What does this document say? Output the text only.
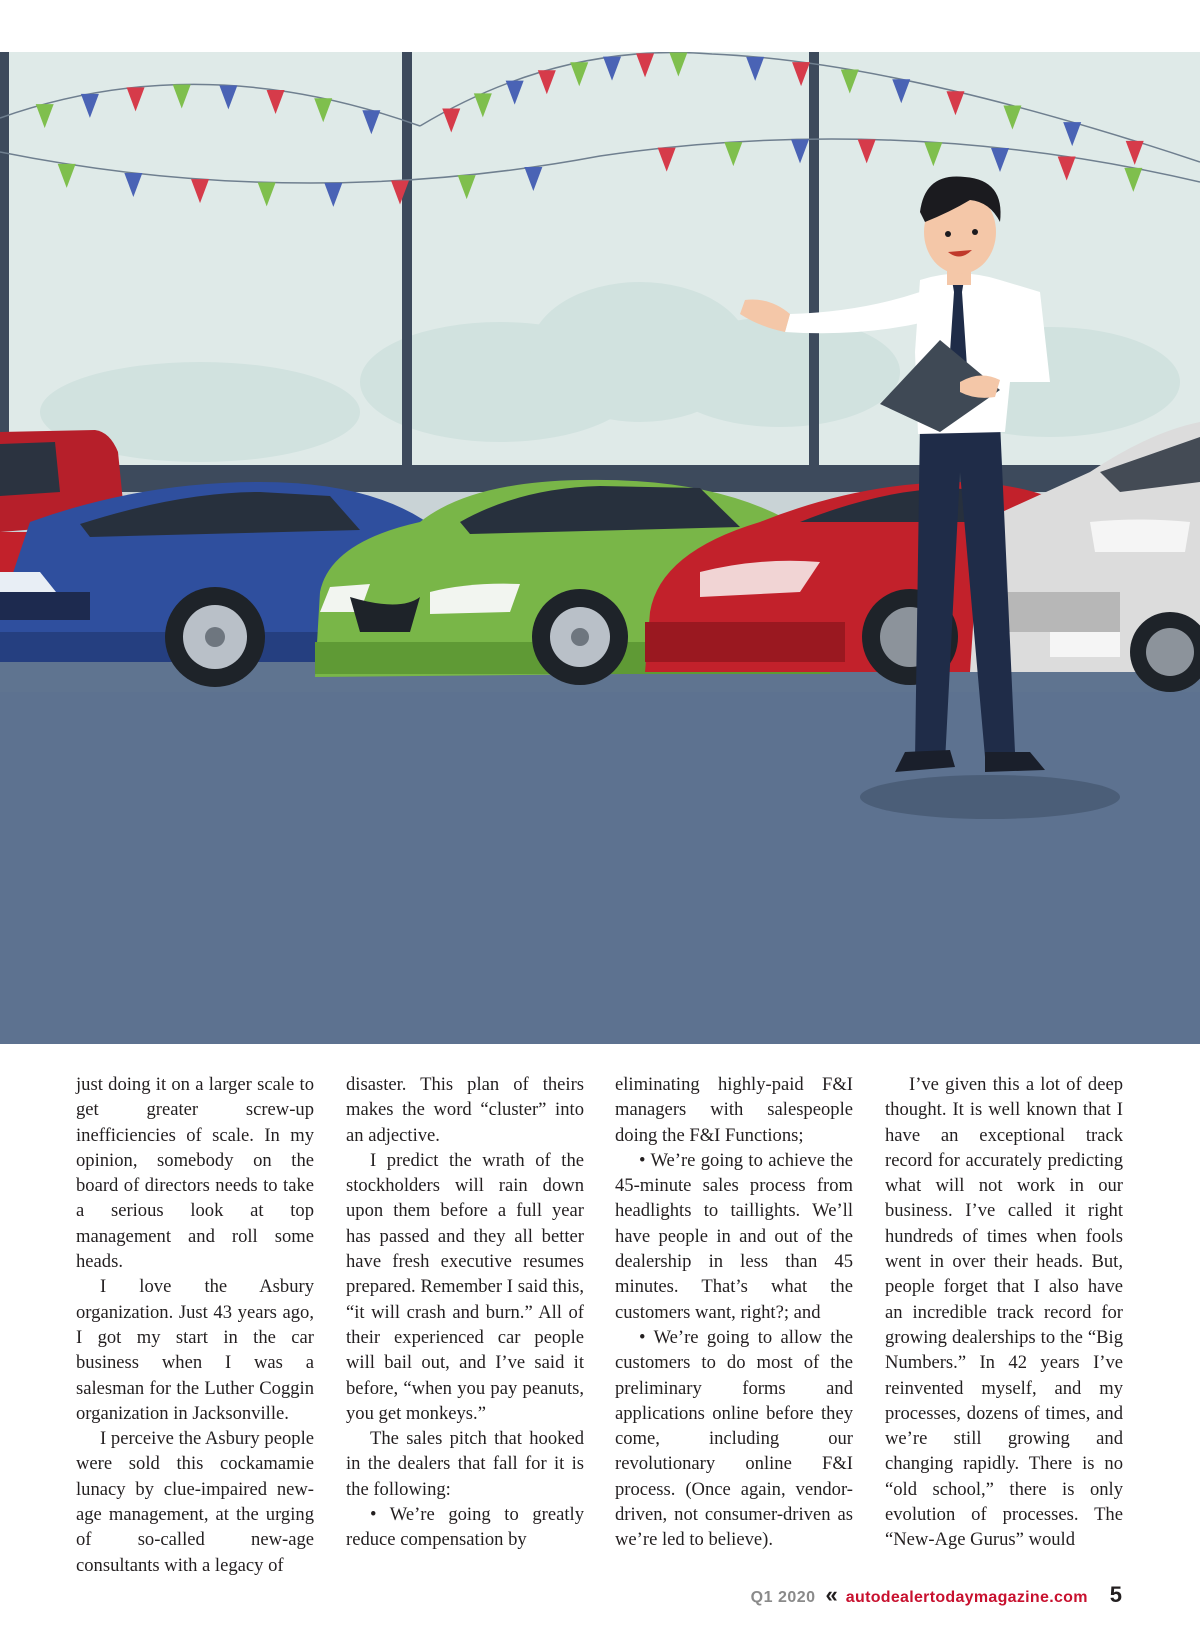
just doing it on a larger scale to get greater screw-up inefficiencies of scale. In my opinion, somebody on the board of directors needs to take a serious look at top management and roll some heads.

I love the Asbury organization. Just 43 years ago, I got my start in the car business when I was a salesman for the Luther Coggin organization in Jacksonville.

I perceive the Asbury people were sold this cockamamie lunacy by clue-impaired new-age management, at the urging of so-called new-age consultants with a legacy of

disaster. This plan of theirs makes the word “cluster” into an adjective.

I predict the wrath of the stockholders will rain down upon them before a full year has passed and they all better have fresh executive resumes prepared. Remember I said this, “it will crash and burn.” All of their experienced car people will bail out, and I’ve said it before, “when you pay peanuts, you get monkeys.”

The sales pitch that hooked in the dealers that fall for it is the following:

• We’re going to greatly reduce compensation by

eliminating highly-paid F&I managers with salespeople doing the F&I Functions;

• We’re going to achieve the 45-minute sales process from headlights to taillights. We’ll have people in and out of the dealership in less than 45 minutes. That’s what the customers want, right?; and

• We’re going to allow the customers to do most of the preliminary forms and applications online before they come, including our revolutionary online F&I process. (Once again, vendor-driven, not consumer-driven as we’re led to believe).

I’ve given this a lot of deep thought. It is well known that I have an exceptional track record for accurately predicting what will not work in our business. I’ve called it right hundreds of times when fools went in over their heads. But, people forget that I also have an incredible track record for growing dealerships to the “Big Numbers.” In 42 years I’ve reinvented myself, and my processes, dozens of times, and we’re still growing and changing rapidly. There is no “old school,” there is only evolution of processes. The “New-Age Gurus” would

Q1 2020 « autodealertodaymagazine.com 5
